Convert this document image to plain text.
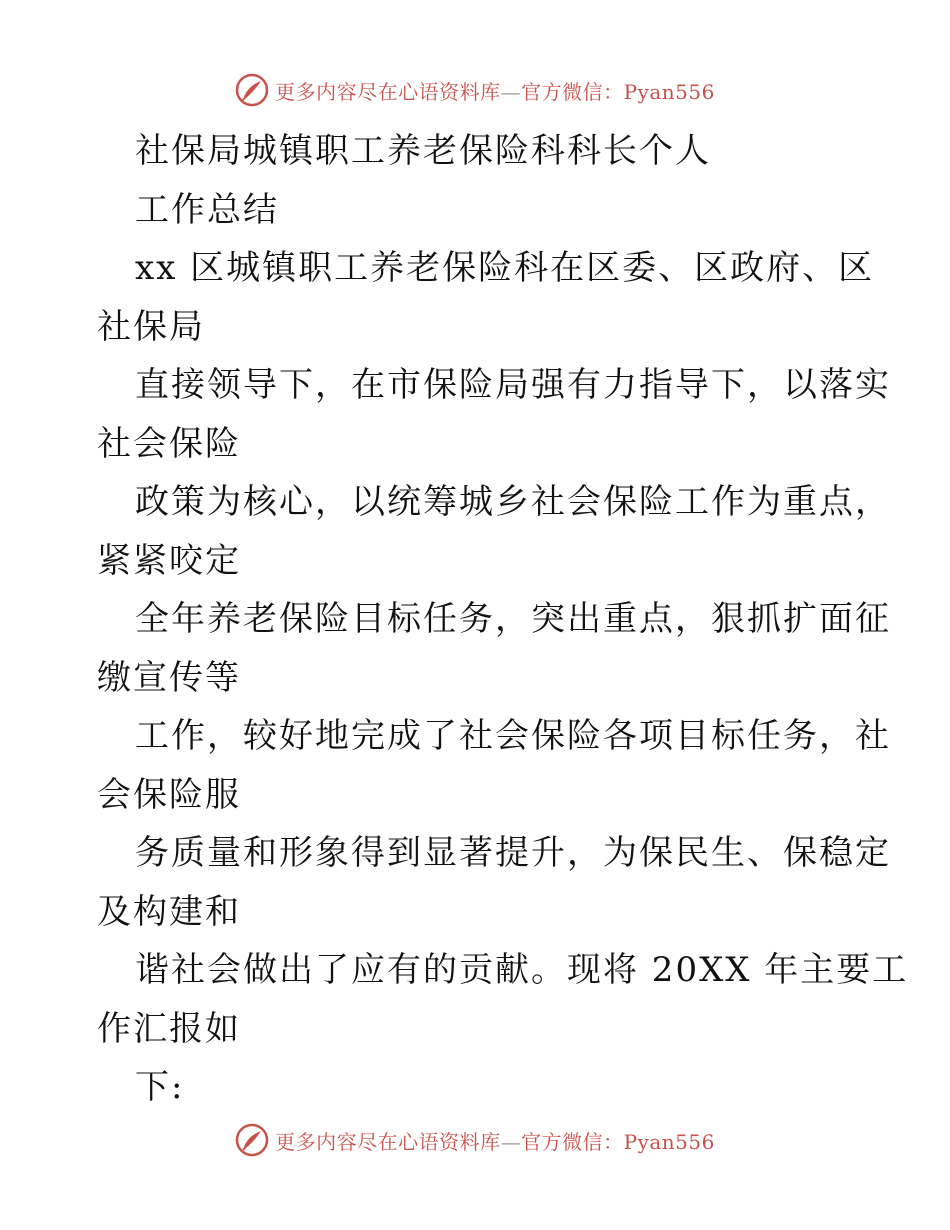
更多内容尽在心语资料库—官方微信：Pyan556
社保局城镇职工养老保险科科长个人
工作总结
xx 区城镇职工养老保险科在区委、区政府、区
社保局
直接领导下，在市保险局强有力指导下，以落实
社会保险
政策为核心，以统筹城乡社会保险工作为重点，
紧紧咬定
全年养老保险目标任务，突出重点，狠抓扩面征
缴宣传等
工作，较好地完成了社会保险各项目标任务，社
会保险服
务质量和形象得到显著提升，为保民生、保稳定
及构建和
谐社会做出了应有的贡献。现将 20XX 年主要工
作汇报如
下:
更多内容尽在心语资料库—官方微信：Pyan556
